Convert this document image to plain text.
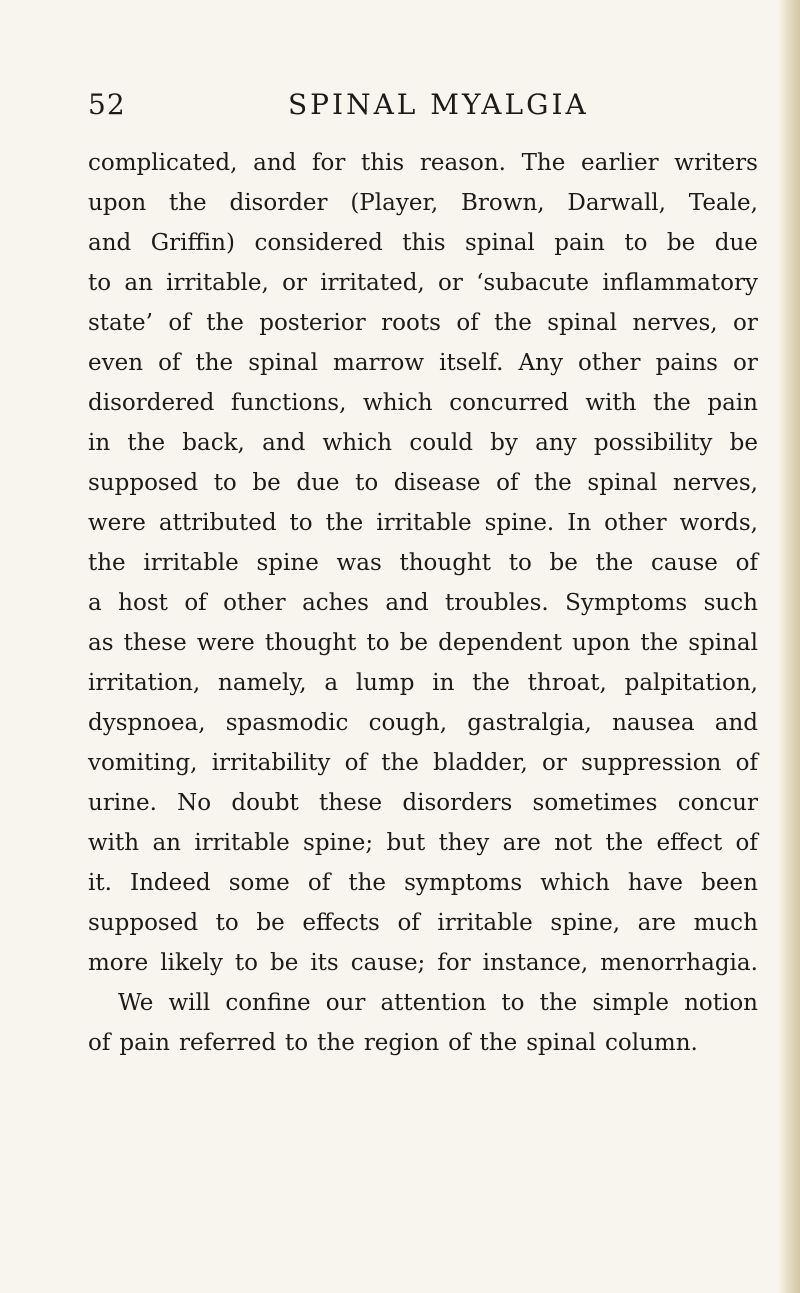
52	SPINAL MYALGIA
complicated, and for this reason. The earlier writers
upon the disorder (Player, Brown, Darwall, Teale,
and Griffin) considered this spinal pain to be due
to an irritable, or irritated, or ‘subacute inflammatory
state’ of the posterior roots of the spinal nerves, or
even of the spinal marrow itself. Any other pains or
disordered functions, which concurred with the pain
in the back, and which could by any possibility be
supposed to be due to disease of the spinal nerves,
were attributed to the irritable spine. In other words,
the irritable spine was thought to be the cause of
a host of other aches and troubles. Symptoms such
as these were thought to be dependent upon the spinal
irritation, namely, a lump in the throat, palpitation,
dyspnoea, spasmodic cough, gastralgia, nausea and
vomiting, irritability of the bladder, or suppression of
urine. No doubt these disorders sometimes concur
with an irritable spine; but they are not the effect of
it. Indeed some of the symptoms which have been
supposed to be effects of irritable spine, are much
more likely to be its cause; for instance, menorrhagia.
We will confine our attention to the simple notion
of pain referred to the region of the spinal column.
